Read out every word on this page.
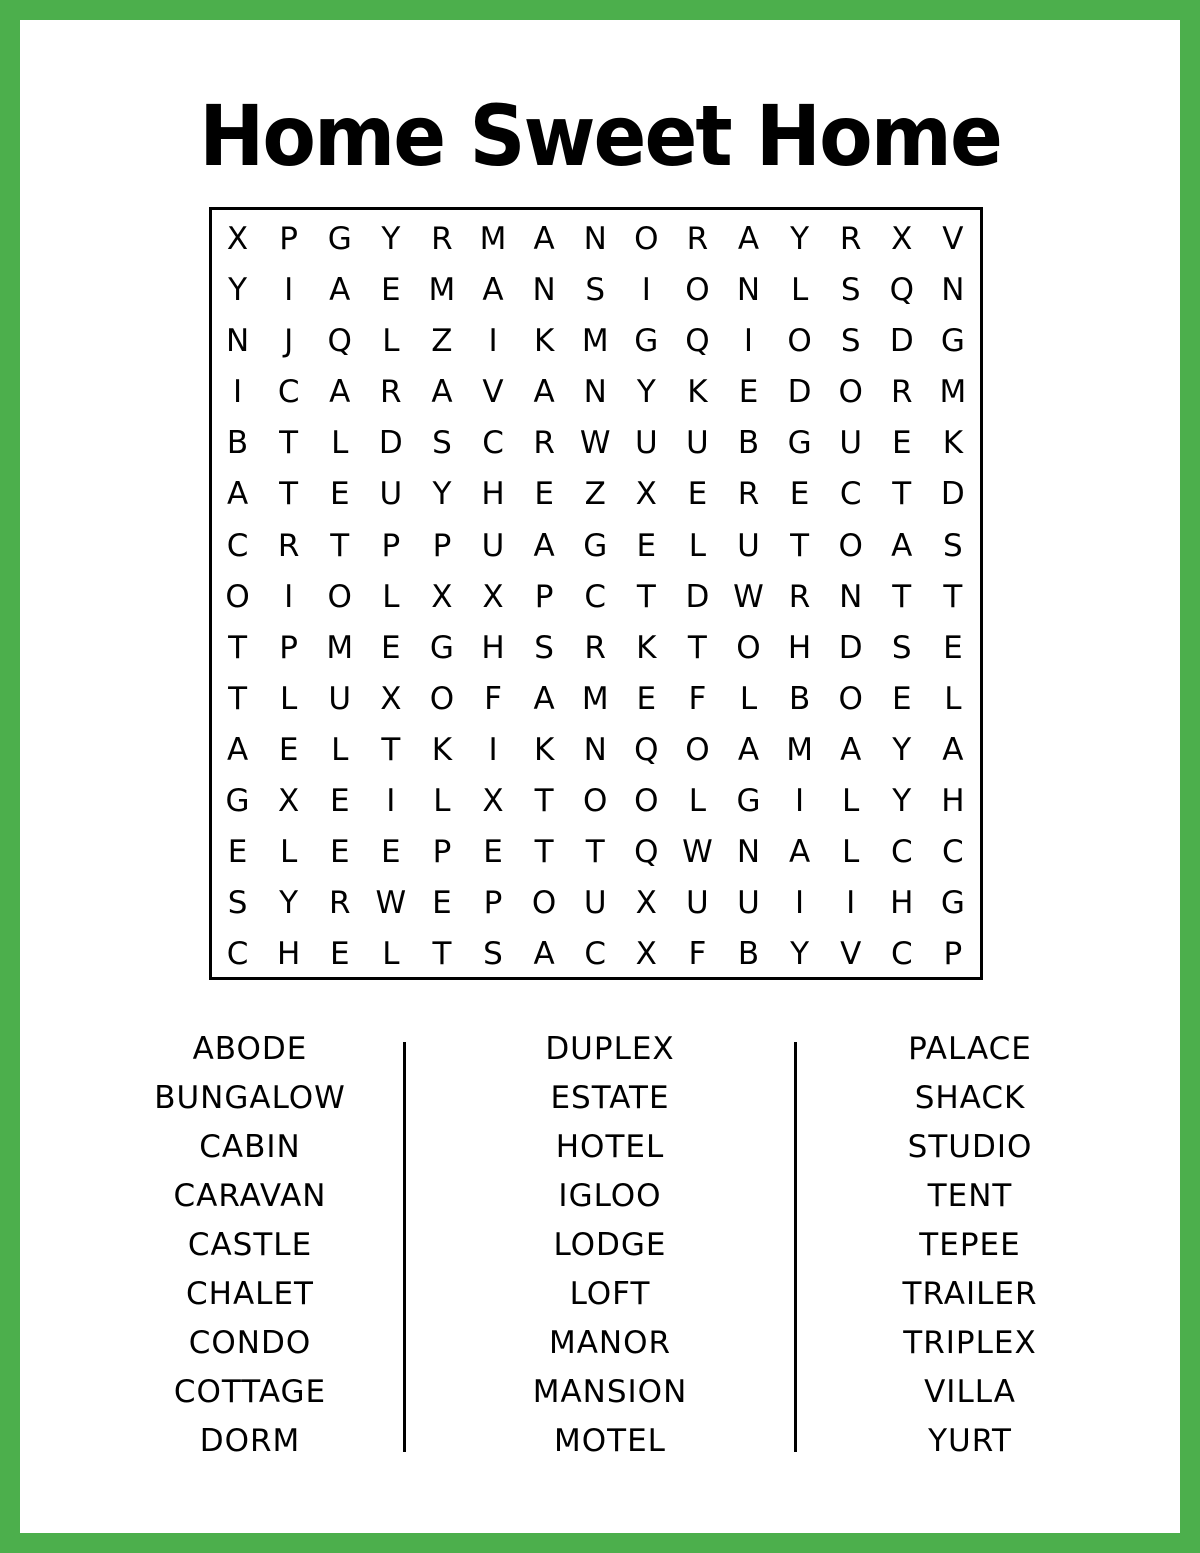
Home Sweet Home
X	P G Y R M A N O R A	Y R X V
Y	I	A E M A N S	I	O N L	S Q N
N	J	Q L	Z	I	K M G Q	I	O S D G
I	C A R A V A N Y	K	E D O R M
B T	L D S C R W U U B G U E	K
A	T	E U Y H E Z X E R E C T D
C R T	P	P U A G E	L	U T O A S
O	I	O L	X X	P C T D W R N T	T
T	P M E G H S R K	T O H D S	E
T	L	U X O F	A M E	F	L	B O E	L
A E	L	T	K	I	K N Q O A M A	Y	A
G X E	I	L	X	T O O L G	I	L	Y H
E	L	E	E	P	E	T	T Q W N A	L	C C
S	Y R W E	P O U X U U	I	I	H G
C H E	L	T	S A C X	F	B Y	V C P
ABODE
BUNGALOW
CABIN
CARAVAN
CASTLE
CHALET
CONDO
COTTAGE
DORM
DUPLEX
ESTATE
HOTEL
IGLOO
LODGE
LOFT
MANOR
MANSION
MOTEL
PALACE
SHACK
STUDIO
TENT
TEPEE
TRAILER
TRIPLEX
VILLA
YURT
